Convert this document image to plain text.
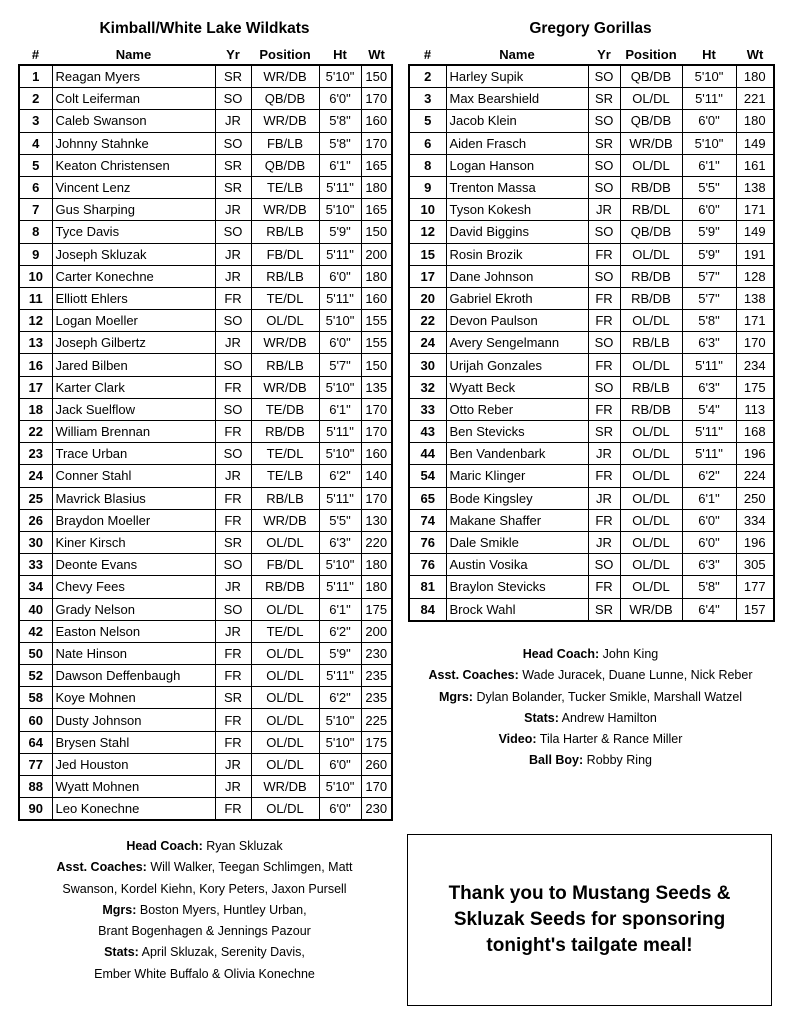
Kimball/White Lake Wildkats
#	Name	Yr	Position	Ht	Wt
1	Reagan Myers	SR	WR/DB	5'10"	150
2	Colt Leiferman	SO	QB/DB	6'0"	170
3	Caleb Swanson	JR	WR/DB	5'8"	160
4	Johnny Stahnke	SO	FB/LB	5'8"	170
5	Keaton Christensen	SR	QB/DB	6'1"	165
6	Vincent Lenz	SR	TE/LB	5'11"	180
7	Gus Sharping	JR	WR/DB	5'10"	165
8	Tyce Davis	SO	RB/LB	5'9"	150
9	Joseph Skluzak	JR	FB/DL	5'11"	200
10	Carter Konechne	JR	RB/LB	6'0"	180
11	Elliott Ehlers	FR	TE/DL	5'11"	160
12	Logan Moeller	SO	OL/DL	5'10"	155
13	Joseph Gilbertz	JR	WR/DB	6'0"	155
16	Jared Bilben	SO	RB/LB	5'7"	150
17	Karter Clark	FR	WR/DB	5'10"	135
18	Jack Suelflow	SO	TE/DB	6'1"	170
22	William Brennan	FR	RB/DB	5'11"	170
23	Trace Urban	SO	TE/DL	5'10"	160
24	Conner Stahl	JR	TE/LB	6'2"	140
25	Mavrick Blasius	FR	RB/LB	5'11"	170
26	Braydon Moeller	FR	WR/DB	5'5"	130
30	Kiner Kirsch	SR	OL/DL	6'3"	220
33	Deonte Evans	SO	FB/DL	5'10"	180
34	Chevy Fees	JR	RB/DB	5'11"	180
40	Grady Nelson	SO	OL/DL	6'1"	175
42	Easton Nelson	JR	TE/DL	6'2"	200
50	Nate Hinson	FR	OL/DL	5'9"	230
52	Dawson Deffenbaugh	FR	OL/DL	5'11"	235
58	Koye Mohnen	SR	OL/DL	6'2"	235
60	Dusty Johnson	FR	OL/DL	5'10"	225
64	Brysen Stahl	FR	OL/DL	5'10"	175
77	Jed Houston	JR	OL/DL	6'0"	260
88	Wyatt Mohnen	JR	WR/DB	5'10"	170
90	Leo Konechne	FR	OL/DL	6'0"	230
Gregory Gorillas
#	Name	Yr	Position	Ht	Wt
2	Harley Supik	SO	QB/DB	5'10"	180
3	Max Bearshield	SR	OL/DL	5'11"	221
5	Jacob Klein	SO	QB/DB	6'0"	180
6	Aiden Frasch	SR	WR/DB	5'10"	149
8	Logan Hanson	SO	OL/DL	6'1"	161
9	Trenton Massa	SO	RB/DB	5'5"	138
10	Tyson Kokesh	JR	RB/DL	6'0"	171
12	David Biggins	SO	QB/DB	5'9"	149
15	Rosin Brozik	FR	OL/DL	5'9"	191
17	Dane Johnson	SO	RB/DB	5'7"	128
20	Gabriel Ekroth	FR	RB/DB	5'7"	138
22	Devon Paulson	FR	OL/DL	5'8"	171
24	Avery Sengelmann	SO	RB/LB	6'3"	170
30	Urijah Gonzales	FR	OL/DL	5'11"	234
32	Wyatt Beck	SO	RB/LB	6'3"	175
33	Otto Reber	FR	RB/DB	5'4"	113
43	Ben Stevicks	SR	OL/DL	5'11"	168
44	Ben Vandenbark	JR	OL/DL	5'11"	196
54	Maric Klinger	FR	OL/DL	6'2"	224
65	Bode Kingsley	JR	OL/DL	6'1"	250
74	Makane Shaffer	FR	OL/DL	6'0"	334
76	Dale Smikle	JR	OL/DL	6'0"	196
76	Austin Vosika	SO	OL/DL	6'3"	305
81	Braylon Stevicks	FR	OL/DL	5'8"	177
84	Brock Wahl	SR	WR/DB	6'4"	157
Head Coach: John King
Asst. Coaches: Wade Juracek, Duane Lunne, Nick Reber
Mgrs: Dylan Bolander, Tucker Smikle, Marshall Watzel
Stats: Andrew Hamilton
Video: Tila Harter & Rance Miller
Ball Boy: Robby Ring
Head Coach: Ryan Skluzak
Asst. Coaches: Will Walker, Teegan Schlimgen, Matt
Swanson, Kordel Kiehn, Kory Peters, Jaxon Pursell
Mgrs: Boston Myers, Huntley Urban,
Brant Bogenhagen & Jennings Pazour
Stats: April Skluzak, Serenity Davis,
Ember White Buffalo & Olivia Konechne
Thank you to Mustang Seeds & Skluzak Seeds for sponsoring tonight's tailgate meal!
